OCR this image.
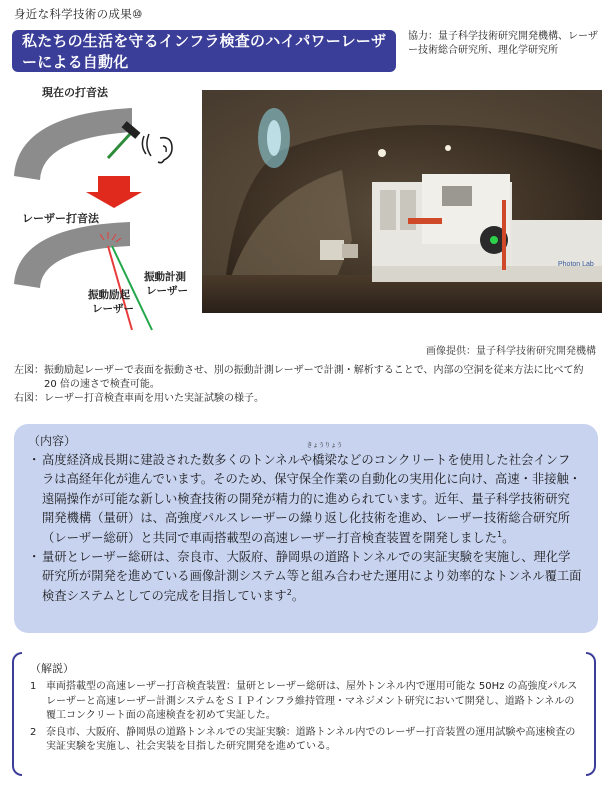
身近な科学技術の成果⑩
私たちの生活を守るインフラ検査のハイパワーレーザーによる自動化
協力：量子科学技術研究開発機構、レーザー技術総合研究所、理化学研究所
現在の打音法
レーザー打音法
振動励起
レーザー
振動計測
レーザー
Photon Lab
画像提供：量子科学技術研究開発機構
左図： 振動励起レーザーで表面を振動させ、別の振動計測レーザーで計測・解析することで、内部の空洞を従来方法に比べて約 20 倍の速さで検査可能。
右図： レーザー打音検査車両を用いた実証試験の様子。
（内容）
・ 高度経済成長期に建設された数多くのトンネルや
きょうりょう
橋梁などのコンクリートを使用した社会インフラは高経年化が進んでいます。そのため、保守保全作業の自動化の実用化に向け、高速・非接触・遠隔操作が可能な新しい検査技術の開発が精力的に進められています。近年、量子科学技術研究開発機構（量研）は、高強度パルスレーザーの繰り返し化技術を進め、レーザー技術総合研究所（レーザー総研）と共同で車両搭載型の高速レーザー打音検査装置を開発しました$^1$。
・ 量研とレーザー総研は、奈良市、大阪府、静岡県の道路トンネルでの実証実験を実施し、理化学研究所が開発を進めている画像計測システム等と組み合わせた運用により効率的なトンネル覆工面検査システムとしての完成を目指しています$^2$。
（解説）
1 車両搭載型の高速レーザー打音検査装置：量研とレーザー総研は、屋外トンネル内で運用可能な 50Hz の高強度パルスレーザーと高速レーザー計測システムをＳＩＰインフラ維持管理・マネジメント研究において開発し、道路トンネルの覆工コンクリート面の高速検査を初めて実証した。
2 奈良市、大阪府、静岡県の道路トンネルでの実証実験：道路トンネル内でのレーザー打音装置の運用試験や高速検査の実証実験を実施し、社会実装を目指した研究開発を進めている。
